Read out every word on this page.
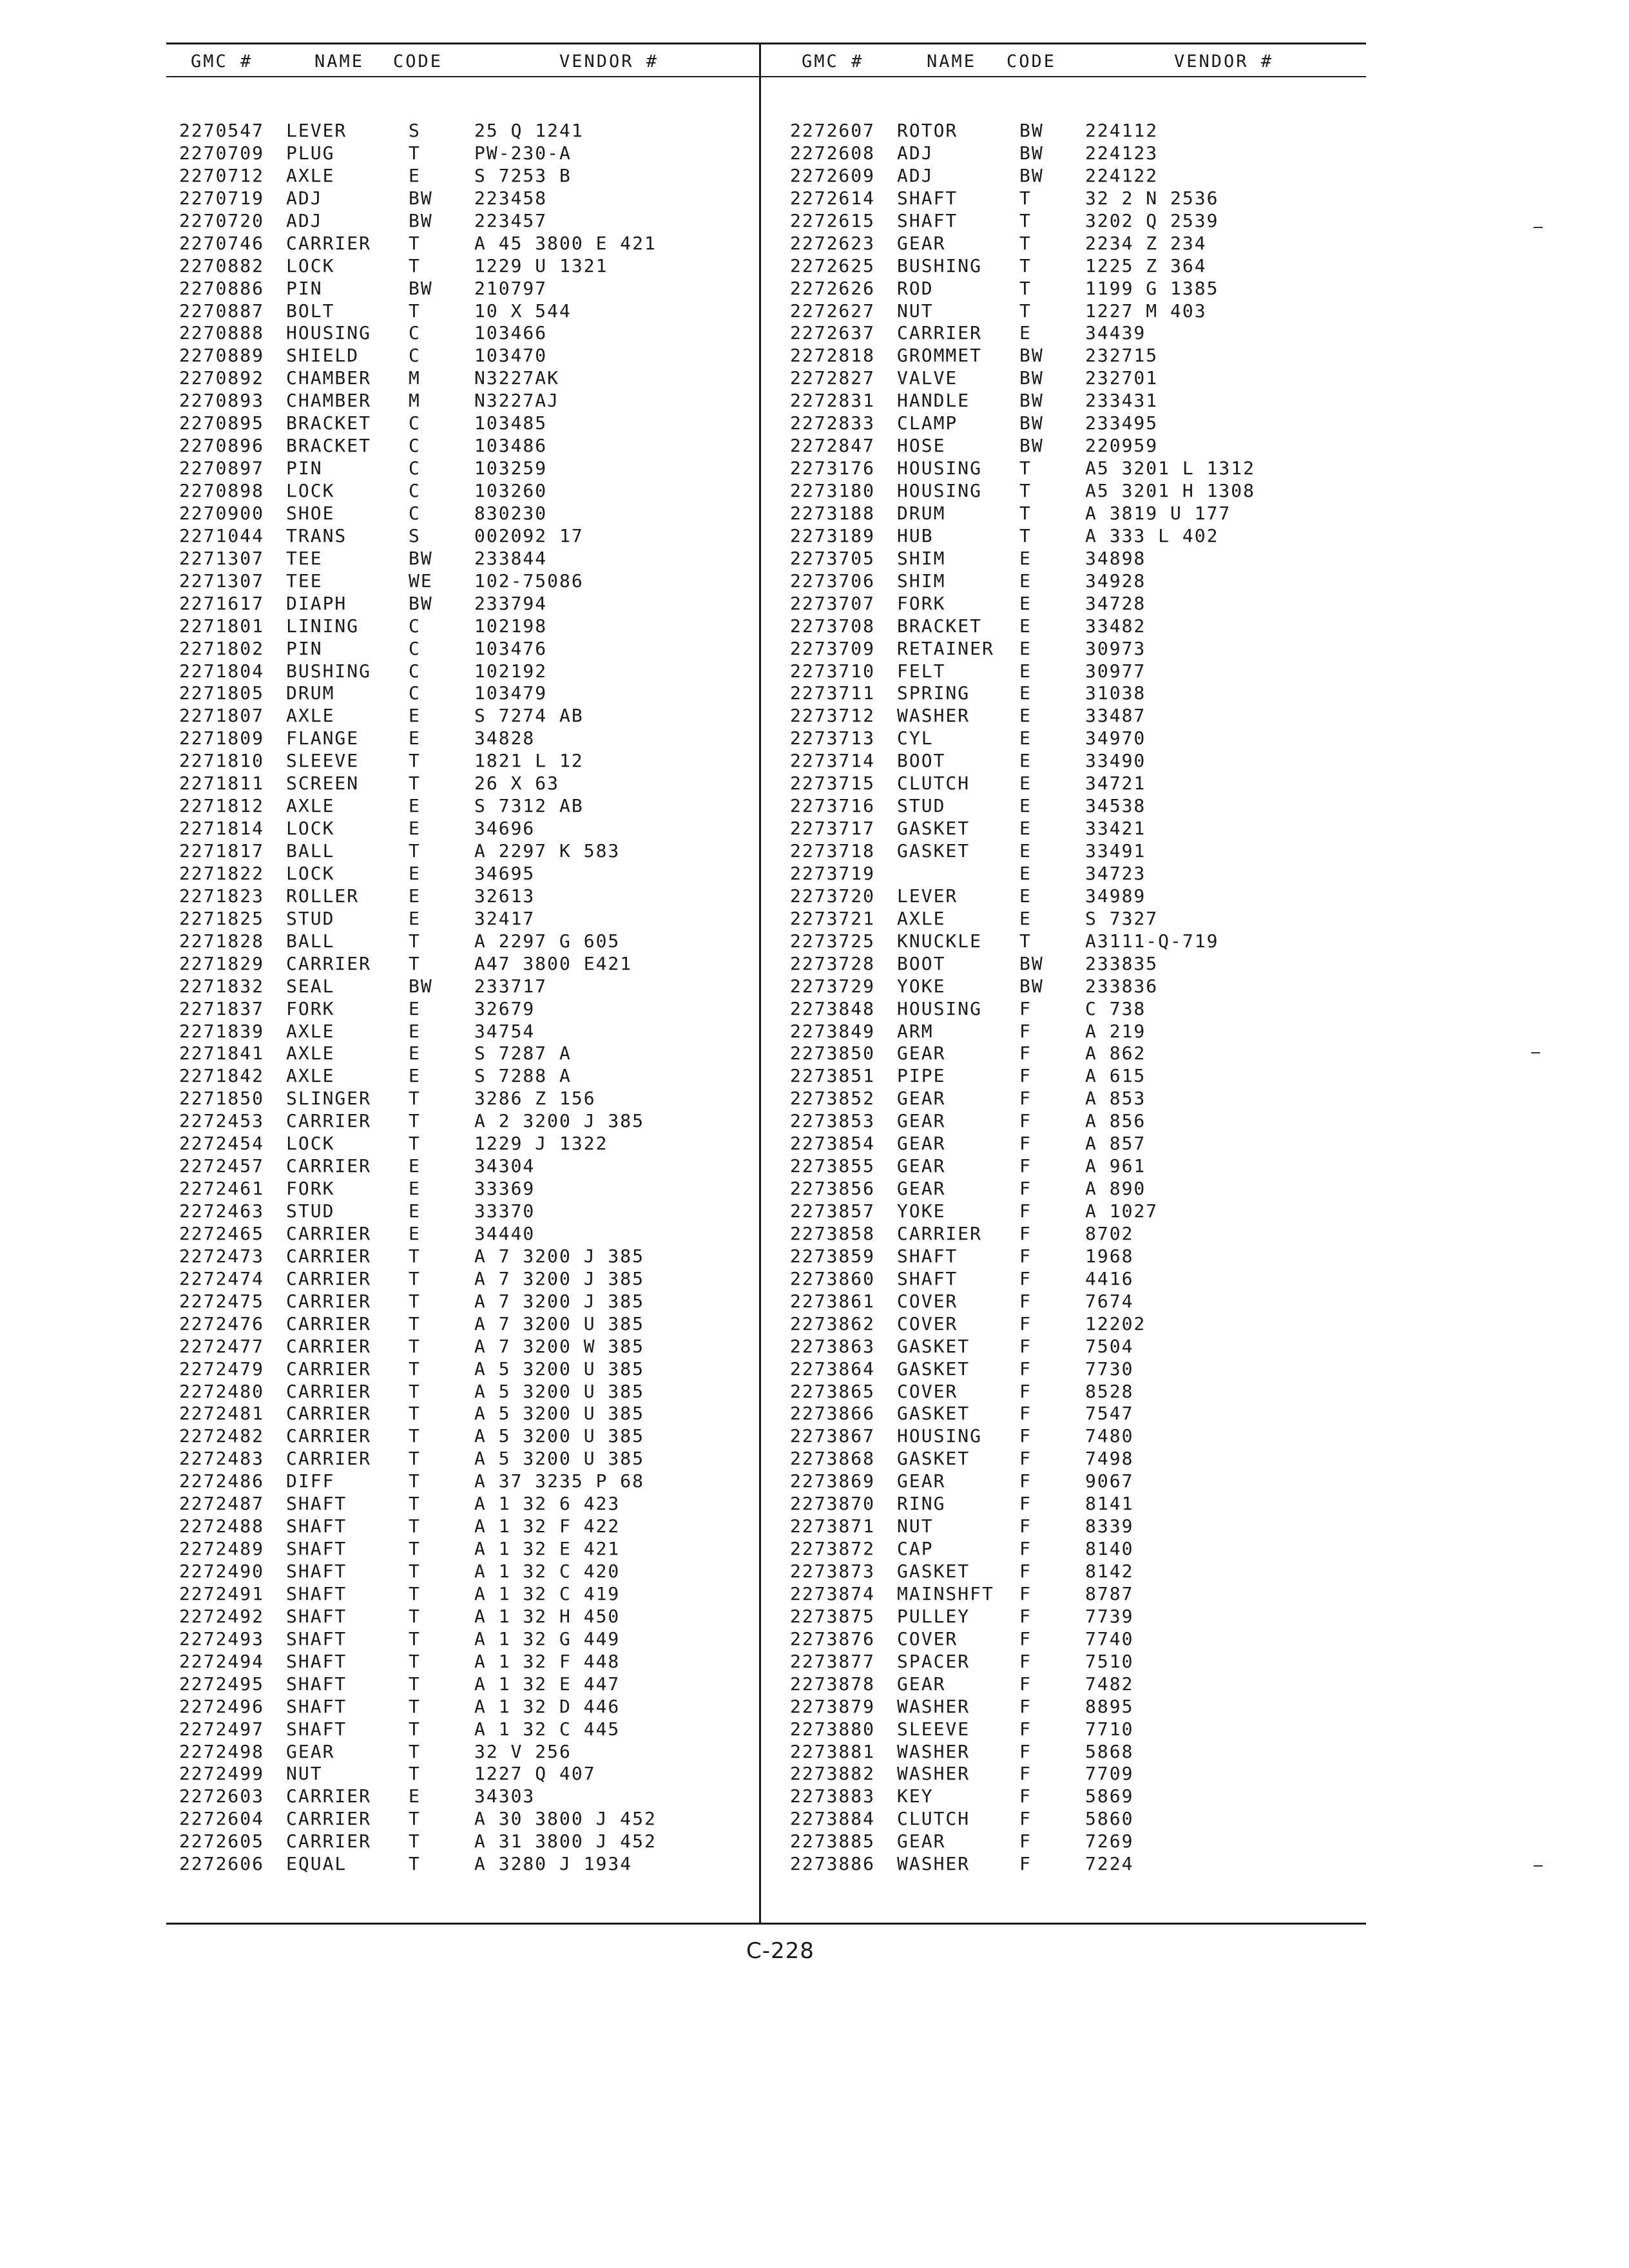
GMC #	NAME CODE	VENDOR #	GMC #	NAME CODE	VENDOR #
2270547 LEVER	S	25 Q 1241
2270709 PLUG	T	PW-230-A
2270712 AXLE	E	S 7253 B
2270719 ADJ	BW 223458
2270720 ADJ	BW 223457
2270746 CARRIER T	A 45 3800 E 421
2270882 LOCK	T	1229 U 1321
2270886 PIN	BW 210797
2270887 BOLT	T	10 X 544
2270888 HOUSING C	103466
2270889 SHIELD	C	103470
2270892 CHAMBER M	N3227AK
2270893 CHAMBER M	N3227AJ
2270895 BRACKET C	103485
2270896 BRACKET C	103486
2270897 PIN	C	103259
2270898 LOCK	C	103260
2270900 SHOE	C	830230
2271044 TRANS	S	002092 17
2271307 TEE	BW 233844
2271307 TEE	WE 102-75086
2271617 DIAPH	BW 233794
2271801 LINING	C	102198
2271802 PIN	C	103476
2271804 BUSHING C	102192
2271805 DRUM	C	103479
2271807 AXLE	E	S 7274 AB
2271809 FLANGE	E	34828
2271810 SLEEVE	T	1821 L 12
2271811 SCREEN	T	26 X 63
2271812 AXLE	E	S 7312 AB
2271814 LOCK	E	34696
2271817 BALL	T	A 2297 K 583
2271822 LOCK	E	34695
2271823 ROLLER	E	32613
2271825 STUD	E	32417
2271828 BALL	T	A 2297 G 605
2271829 CARRIER T	A47 3800 E421
2271832 SEAL	BW 233717
2271837 FORK	E	32679
2271839 AXLE	E	34754
2271841 AXLE	E	S 7287 A
2271842 AXLE	E	S 7288 A
2271850 SLINGER T	3286 Z 156
2272453 CARRIER T	A 2 3200 J 385
2272454 LOCK	T	1229 J 1322
2272457 CARRIER E	34304
2272461 FORK	E	33369
2272463 STUD	E	33370
2272465 CARRIER E	34440
2272473 CARRIER T	A 7 3200 J 385
2272474 CARRIER T	A 7 3200 J 385
2272475 CARRIER T	A 7 3200 J 385
2272476 CARRIER T	A 7 3200 U 385
2272477 CARRIER T	A 7 3200 W 385
2272479 CARRIER T	A 5 3200 U 385
2272480 CARRIER T	A 5 3200 U 385
2272481 CARRIER T	A 5 3200 U 385
2272482 CARRIER T	A 5 3200 U 385
2272483 CARRIER T	A 5 3200 U 385
2272486 DIFF	T	A 37 3235 P 68
2272487 SHAFT	T	A 1 32 6 423
2272488 SHAFT	T	A 1 32 F 422
2272489 SHAFT	T	A 1 32 E 421
2272490 SHAFT	T	A 1 32 C 420
2272491 SHAFT	T	A 1 32 C 419
2272492 SHAFT	T	A 1 32 H 450
2272493 SHAFT	T	A 1 32 G 449
2272494 SHAFT	T	A 1 32 F 448
2272495 SHAFT	T	A 1 32 E 447
2272496 SHAFT	T	A 1 32 D 446
2272497 SHAFT	T	A 1 32 C 445
2272498 GEAR	T	32 V 256
2272499 NUT	T	1227 Q 407
2272603 CARRIER E	34303
2272604 CARRIER T	A 30 3800 J 452
2272605 CARRIER T	A 31 3800 J 452
2272606 EQUAL	T	A 3280 J 1934
2272607 ROTOR	BW 224112
2272608 ADJ	BW 224123
2272609 ADJ	BW 224122
2272614 SHAFT	T	32 2 N 2536
2272615 SHAFT	T	3202 Q 2539
2272623 GEAR	T	2234 Z 234
2272625 BUSHING T	1225 Z 364
2272626 ROD	T	1199 G 1385
2272627 NUT	T	1227 M 403
2272637 CARRIER E	34439
2272818 GROMMET BW 232715
2272827 VALVE	BW 232701
2272831 HANDLE	BW 233431
2272833 CLAMP	BW 233495
2272847 HOSE	BW 220959
2273176 HOUSING T	A5 3201 L 1312
2273180 HOUSING T	A5 3201 H 1308
2273188 DRUM	T	A 3819 U 177
2273189 HUB	T	A 333 L 402
2273705 SHIM	E	34898
2273706 SHIM	E	34928
2273707 FORK	E	34728
2273708 BRACKET E	33482
2273709 RETAINER E	30973
2273710 FELT	E	30977
2273711 SPRING	E	31038
2273712 WASHER	E	33487
2273713 CYL	E	34970
2273714 BOOT	E	33490
2273715 CLUTCH	E	34721
2273716 STUD	E	34538
2273717 GASKET	E	33421
2273718 GASKET	E	33491
2273719	E	34723
2273720 LEVER	E	34989
2273721 AXLE	E	S 7327
2273725 KNUCKLE T	A3111-Q-719
2273728 BOOT	BW 233835
2273729 YOKE	BW 233836
2273848 HOUSING F	C 738
2273849 ARM	F	A 219
2273850 GEAR	F	A 862
2273851 PIPE	F	A 615
2273852 GEAR	F	A 853
2273853 GEAR	F	A 856
2273854 GEAR	F	A 857
2273855 GEAR	F	A 961
2273856 GEAR	F	A 890
2273857 YOKE	F	A 1027
2273858 CARRIER F	8702
2273859 SHAFT	F	1968
2273860 SHAFT	F	4416
2273861 COVER	F	7674
2273862 COVER	F	12202
2273863 GASKET	F	7504
2273864 GASKET	F	7730
2273865 COVER	F	8528
2273866 GASKET	F	7547
2273867 HOUSING F	7480
2273868 GASKET	F	7498
2273869 GEAR	F	9067
2273870 RING	F	8141
2273871 NUT	F	8339
2273872 CAP	F	8140
2273873 GASKET	F	8142
2273874 MAINSHFT F	8787
2273875 PULLEY	F	7739
2273876 COVER	F	7740
2273877 SPACER	F	7510
2273878 GEAR	F	7482
2273879 WASHER	F	8895
2273880 SLEEVE	F	7710
2273881 WASHER	F	5868
2273882 WASHER	F	7709
2273883 KEY	F	5869
2273884 CLUTCH	F	5860
2273885 GEAR	F	7269
2273886 WASHER	F	7224
C-228
